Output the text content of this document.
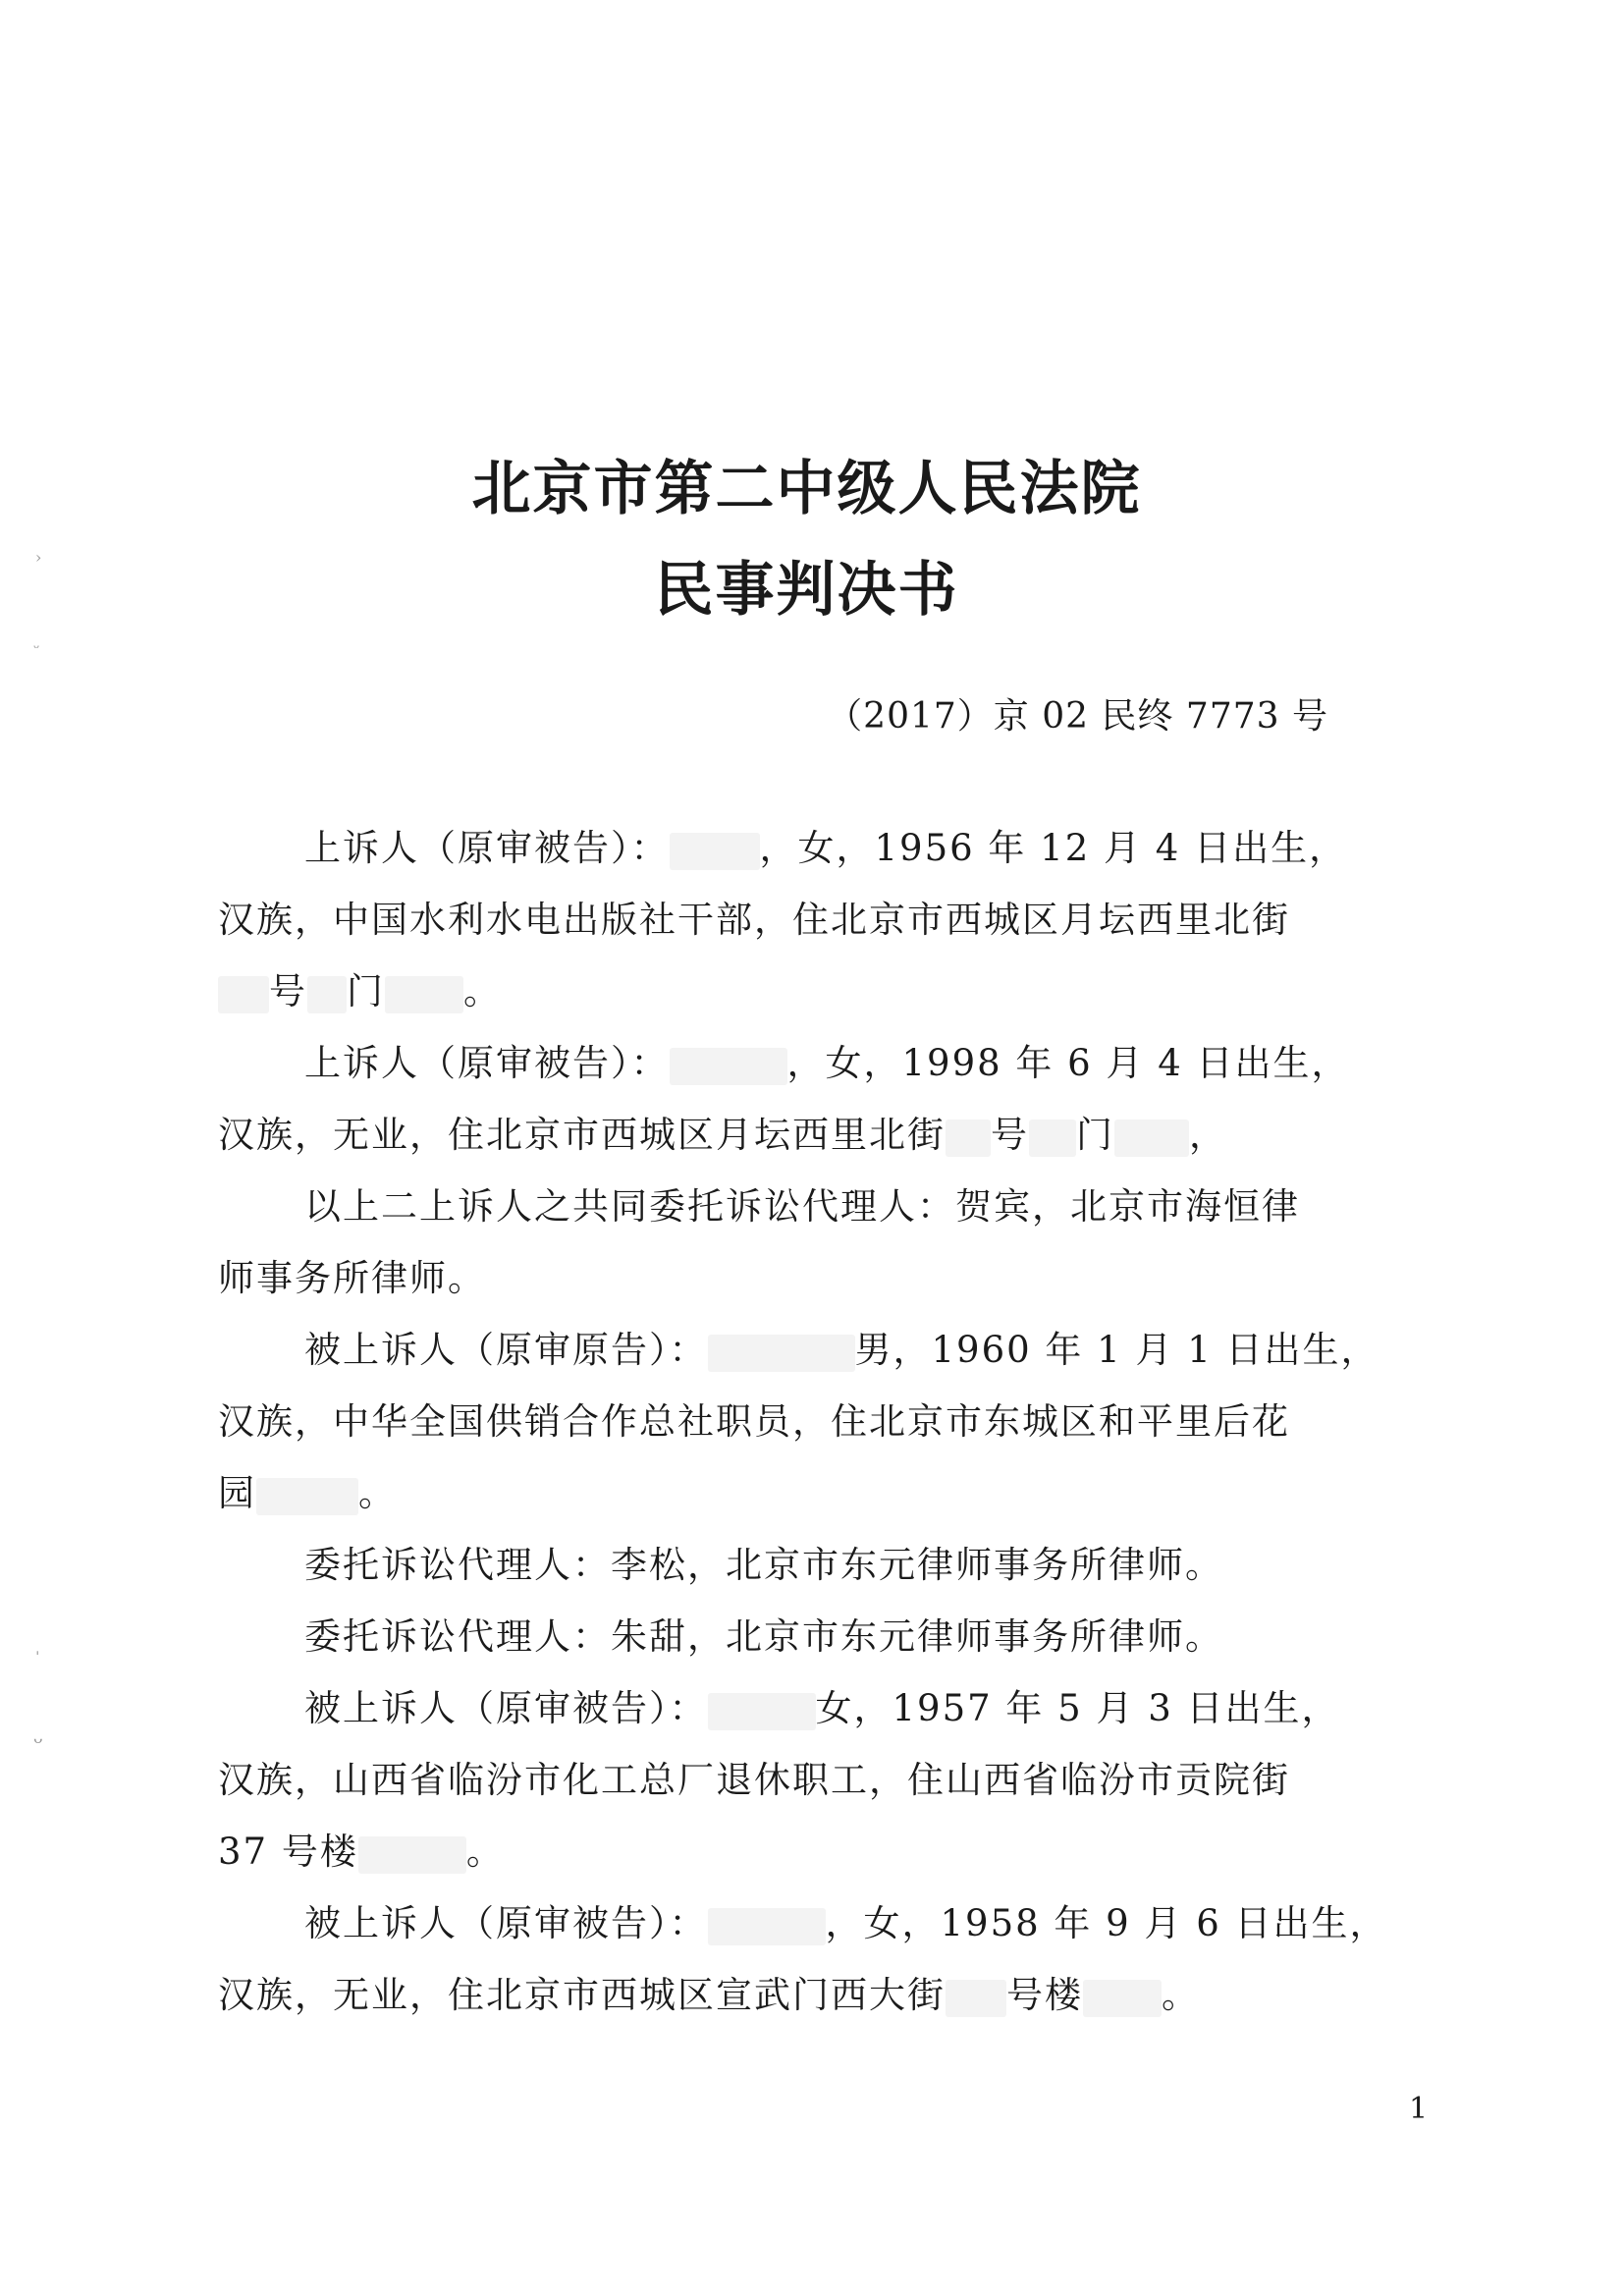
北京市第二中级人民法院
民事判决书
（2017）京 02 民终 7773 号
›
ᵕ
ˌ
ᴗ
上诉人（原审被告）： ，女，1956 年 12 月 4 日出生，
汉族，中国水利水电出版社干部，住北京市西城区月坛西里北街
号 门 。
上诉人（原审被告）：	，女，1998 年 6 月 4 日出生，
汉族，无业，住北京市西城区月坛西里北街 号 门 ，
以上二上诉人之共同委托诉讼代理人：贺宾，北京市海恒律
师事务所律师。
被上诉人（原审原告）：	男，1960 年 1 月 1 日出生，
汉族，中华全国供销合作总社职员，住北京市东城区和平里后花
园	。
委托诉讼代理人：李松，北京市东元律师事务所律师。
委托诉讼代理人：朱甜，北京市东元律师事务所律师。
被上诉人（原审被告）：	女，1957 年 5 月 3 日出生，
汉族，山西省临汾市化工总厂退休职工，住山西省临汾市贡院街
37 号楼	。
被上诉人（原审被告）：	，女，1958 年 9 月 6 日出生，
汉族，无业，住北京市西城区宣武门西大街 号楼 。
1
